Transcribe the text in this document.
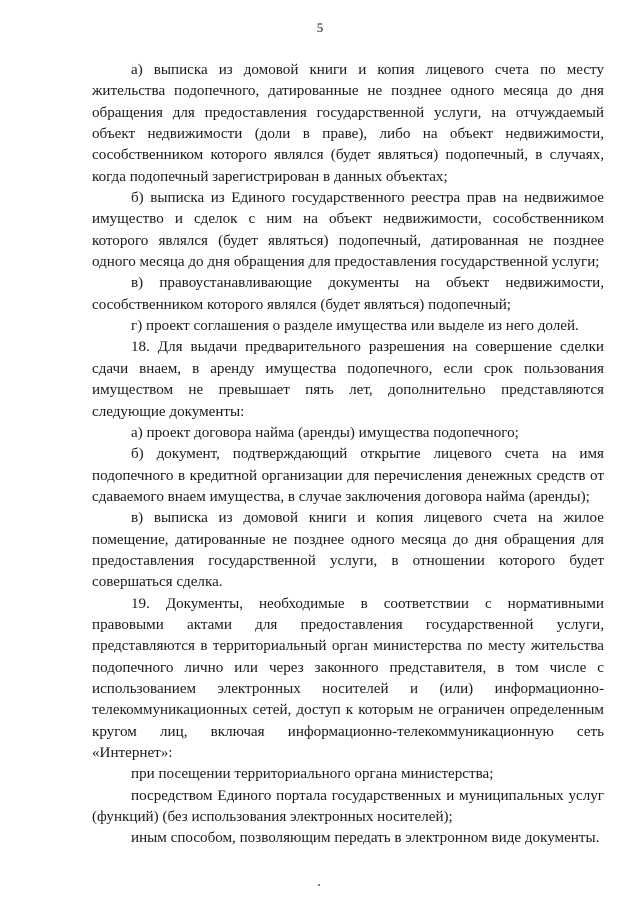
5

а) выписка из домовой книги и копия лицевого счета по месту жительства подопечного, датированные не позднее одного месяца до дня обращения для предоставления государственной услуги, на отчуждаемый объект недвижимости (доли в праве), либо на объект недвижимости, сособственником которого являлся (будет являться) подопечный, в случаях, когда подопечный зарегистрирован в данных объектах;

б) выписка из Единого государственного реестра прав на недвижимое имущество и сделок с ним на объект недвижимости, сособственником которого являлся (будет являться) подопечный, датированная не позднее одного месяца до дня обращения для предоставления государственной услуги;

в) правоустанавливающие документы на объект недвижимости, сособственником которого являлся (будет являться) подопечный;

г) проект соглашения о разделе имущества или выделе из него долей.

18. Для выдачи предварительного разрешения на совершение сделки сдачи внаем, в аренду имущества подопечного, если срок пользования имуществом не превышает пять лет, дополнительно представляются следующие документы:

а) проект договора найма (аренды) имущества подопечного;

б) документ, подтверждающий открытие лицевого счета на имя подопечного в кредитной организации для перечисления денежных средств от сдаваемого внаем имущества, в случае заключения договора найма (аренды);

в) выписка из домовой книги и копия лицевого счета на жилое помещение, датированные не позднее одного месяца до дня обращения для предоставления государственной услуги, в отношении которого будет совершаться сделка.

19. Документы, необходимые в соответствии с нормативными правовыми актами для предоставления государственной услуги, представляются в территориальный орган министерства по месту жительства подопечного лично или через законного представителя, в том числе с использованием электронных носителей и (или) информационно-телекоммуникационных сетей, доступ к которым не ограничен определенным кругом лиц, включая информационно-телекоммуникационную сеть «Интернет»:

при посещении территориального органа министерства;

посредством Единого портала государственных и муниципальных услуг (функций) (без использования электронных носителей);

иным способом, позволяющим передать в электронном виде документы.
